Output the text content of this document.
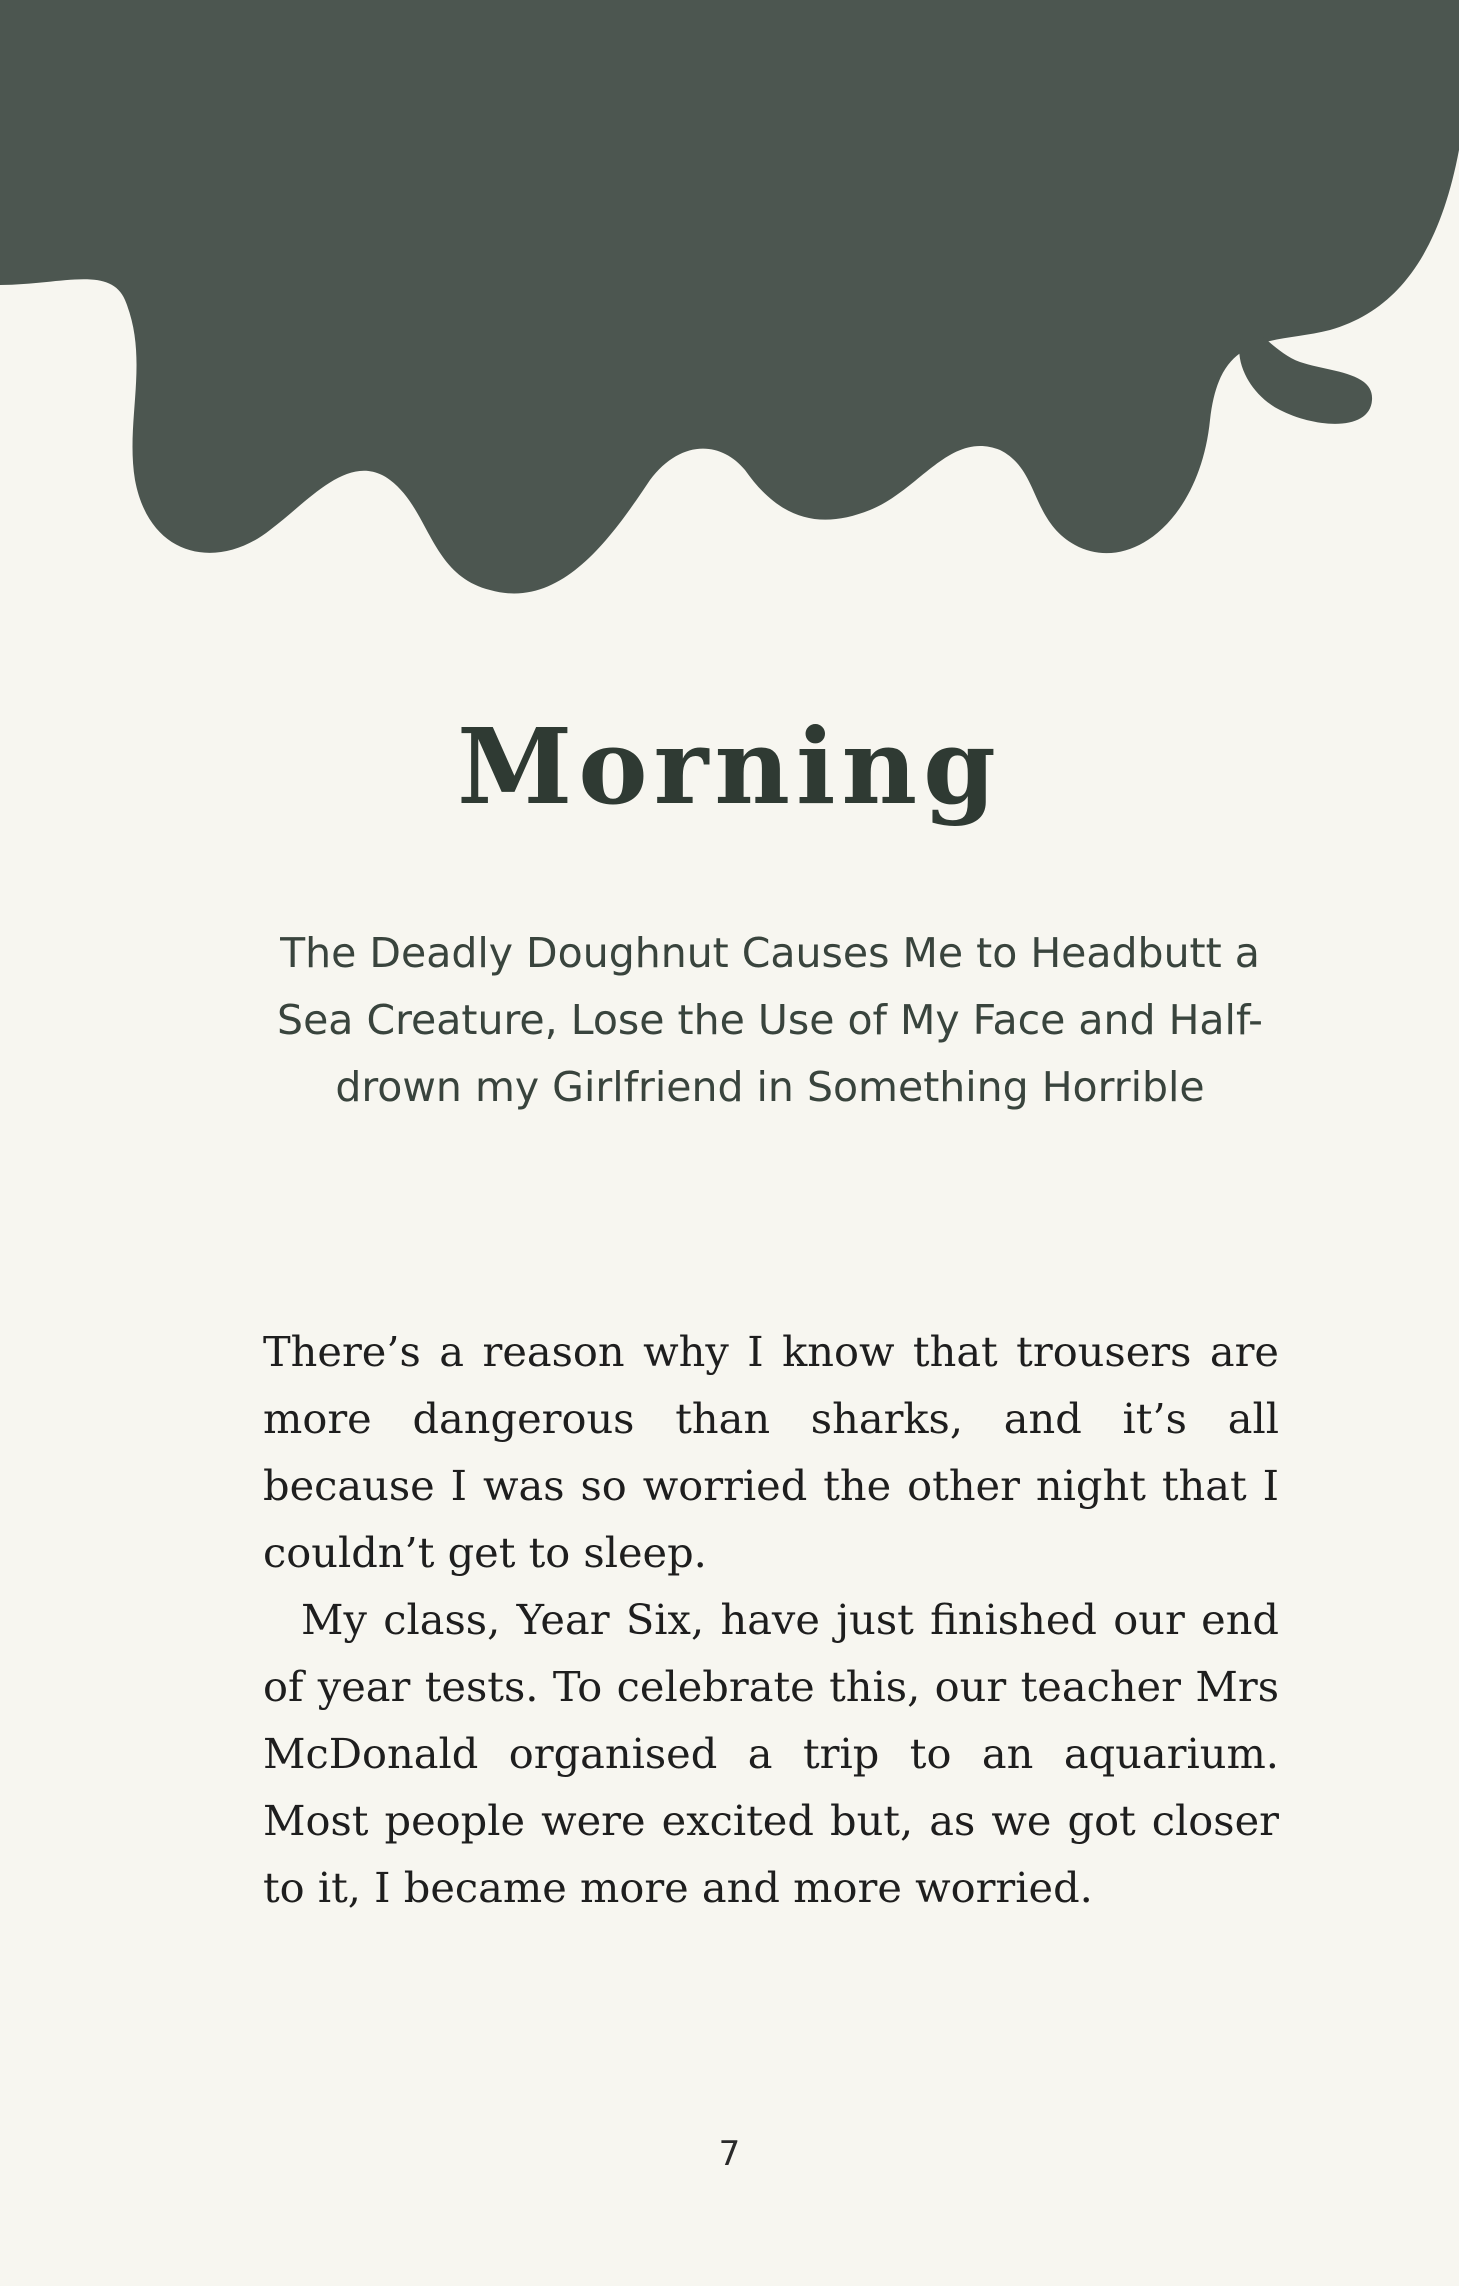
Morning

The Deadly Doughnut Causes Me to Headbutt a Sea Creature, Lose the Use of My Face and Half-drown my Girlfriend in Something Horrible

There’s a reason why I know that trousers are more dangerous than sharks, and it’s all because I was so worried the other night that I couldn’t get to sleep.

My class, Year Six, have just finished our end of year tests. To celebrate this, our teacher Mrs McDonald organised a trip to an aquarium. Most people were excited but, as we got closer to it, I became more and more worried.

7
